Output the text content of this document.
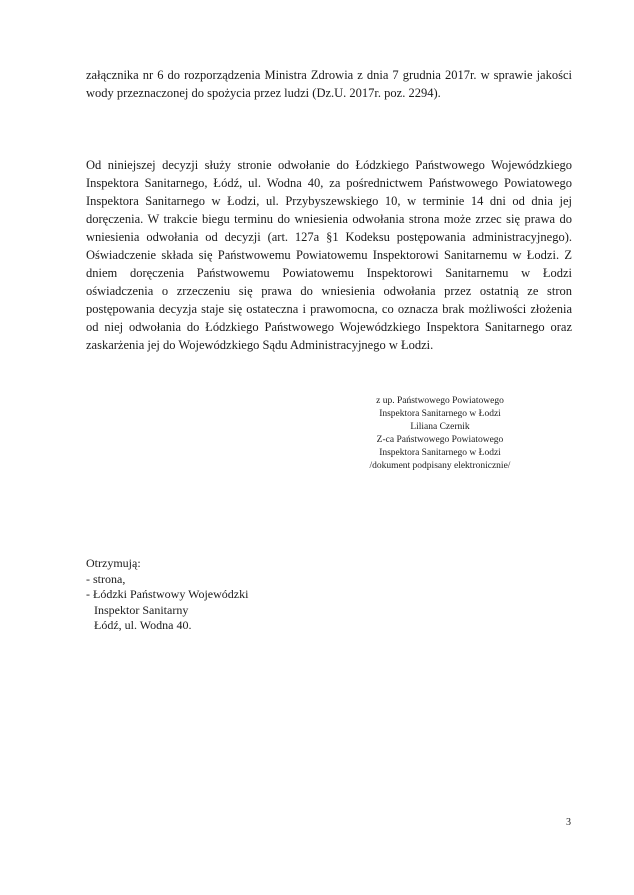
załącznika nr 6 do rozporządzenia Ministra Zdrowia z dnia 7 grudnia 2017r. w sprawie jakości wody przeznaczonej do spożycia przez ludzi (Dz.U. 2017r. poz. 2294).

Od niniejszej decyzji służy stronie odwołanie do Łódzkiego Państwowego Wojewódzkiego Inspektora Sanitarnego, Łódź, ul. Wodna 40, za pośrednictwem Państwowego Powiatowego Inspektora Sanitarnego w Łodzi, ul. Przybyszewskiego 10, w terminie 14 dni od dnia jej doręczenia. W trakcie biegu terminu do wniesienia odwołania strona może zrzec się prawa do wniesienia odwołania od decyzji (art. 127a §1 Kodeksu postępowania administracyjnego). Oświadczenie składa się Państwowemu Powiatowemu Inspektorowi Sanitarnemu w Łodzi. Z dniem doręczenia Państwowemu Powiatowemu Inspektorowi Sanitarnemu w Łodzi oświadczenia o zrzeczeniu się prawa do wniesienia odwołania przez ostatnią ze stron postępowania decyzja staje się ostateczna i prawomocna, co oznacza brak możliwości złożenia od niej odwołania do Łódzkiego Państwowego Wojewódzkiego Inspektora Sanitarnego oraz zaskarżenia jej do Wojewódzkiego Sądu Administracyjnego w Łodzi.

z up. Państwowego Powiatowego
Inspektora Sanitarnego w Łodzi
Liliana Czernik
Z-ca Państwowego Powiatowego
Inspektora Sanitarnego w Łodzi
/dokument podpisany elektronicznie/
Otrzymują:
- strona,
- Łódzki Państwowy Wojewódzki
Inspektor Sanitarny
Łódź, ul. Wodna 40.
3
